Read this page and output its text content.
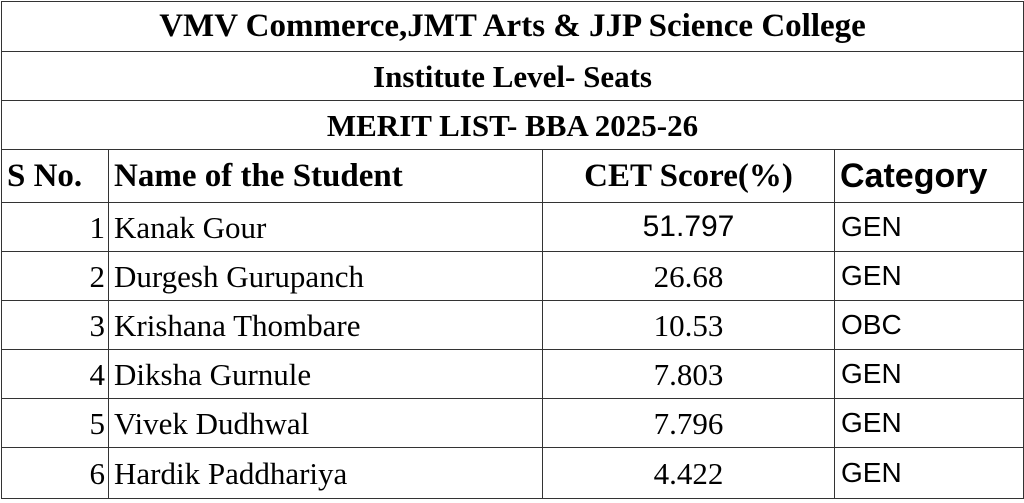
VMV Commerce,JMT Arts & JJP Science College			
Institute Level- Seats			
MERIT LIST- BBA 2025-26			
S No.	Name of the Student	CET Score(%)	Category
1	Kanak Gour	51.797	GEN
2	Durgesh Gurupanch	26.68	GEN
3	Krishana Thombare	10.53	OBC
4	Diksha Gurnule	7.803	GEN
5	Vivek Dudhwal	7.796	GEN
6	Hardik Paddhariya	4.422	GEN
